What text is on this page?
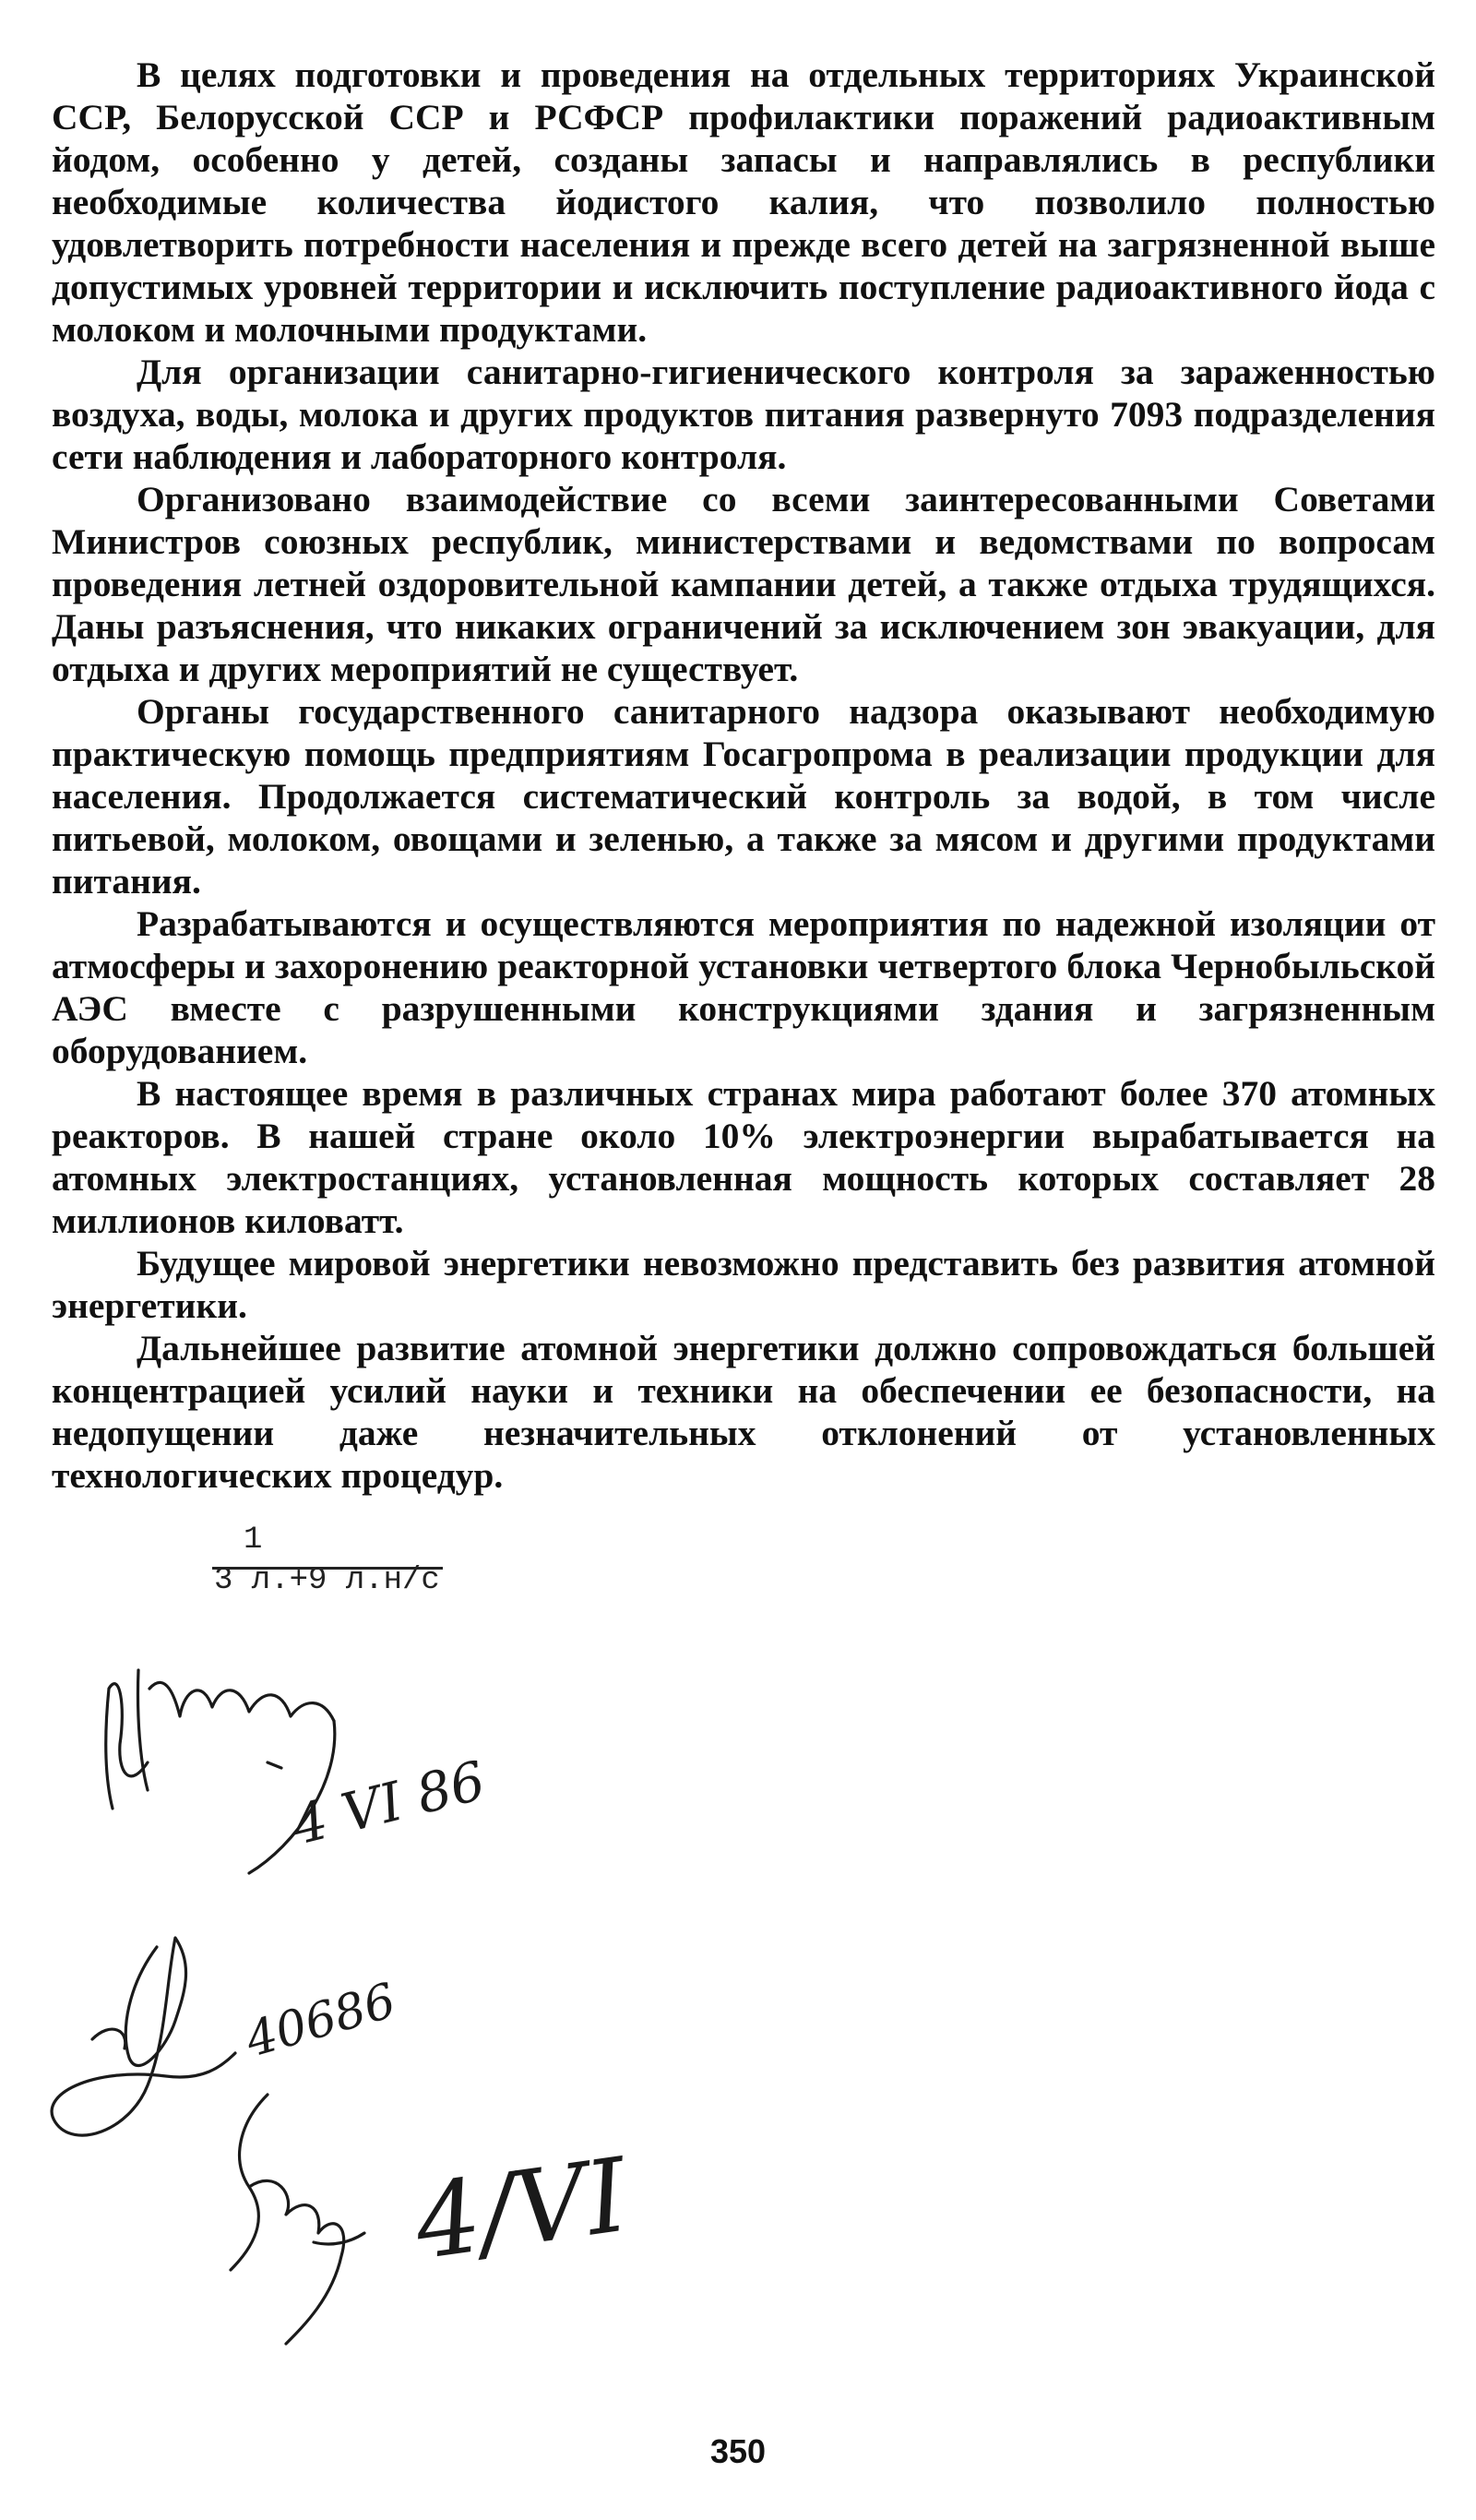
В целях подготовки и проведения на отдельных территориях Украинской ССР, Белорусской ССР и РСФСР профилактики поражений радиоактивным йодом, особенно у детей, созданы запасы и направлялись в республики необходимые количества йодистого калия, что позволило полностью удовлетворить потребности населения и прежде всего детей на загрязненной выше допустимых уровней территории и исключить поступление радиоактивного йода с молоком и молочными продуктами.

Для организации санитарно-гигиенического контроля за зараженностью воздуха, воды, молока и других продуктов питания развернуто 7093 подразделения сети наблюдения и лабораторного контроля.

Организовано взаимодействие со всеми заинтересованными Советами Министров союзных республик, министерствами и ведомствами по вопросам проведения летней оздоровительной кампании детей, а также отдыха трудящихся. Даны разъяснения, что никаких ограничений за исключением зон эвакуации, для отдыха и других мероприятий не существует.

Органы государственного санитарного надзора оказывают необходимую практическую помощь предприятиям Госагропрома в реализации продукции для населения. Продолжается систематический контроль за водой, в том числе питьевой, молоком, овощами и зеленью, а также за мясом и другими продуктами питания.

Разрабатываются и осуществляются мероприятия по надежной изоляции от атмосферы и захоронению реакторной установки четвертого блока Чернобыльской АЭС вместе с разрушенными конструкциями здания и загрязненным оборудованием.

В настоящее время в различных странах мира работают более 370 атомных реакторов. В нашей стране около 10% электроэнергии вырабатывается на атомных электростанциях, установленная мощность которых составляет 28 миллионов киловатт.

Будущее мировой энергетики невозможно представить без развития атомной энергетики.

Дальнейшее развитие атомной энергетики должно сопровождаться большей концентрацией усилий науки и техники на обеспечении ее безопасности, на недопущении даже незначительных отклонений от установленных технологических процедур.

1
3 л.+9 л.н/с
4 VI 86
40686
4/VI
350
